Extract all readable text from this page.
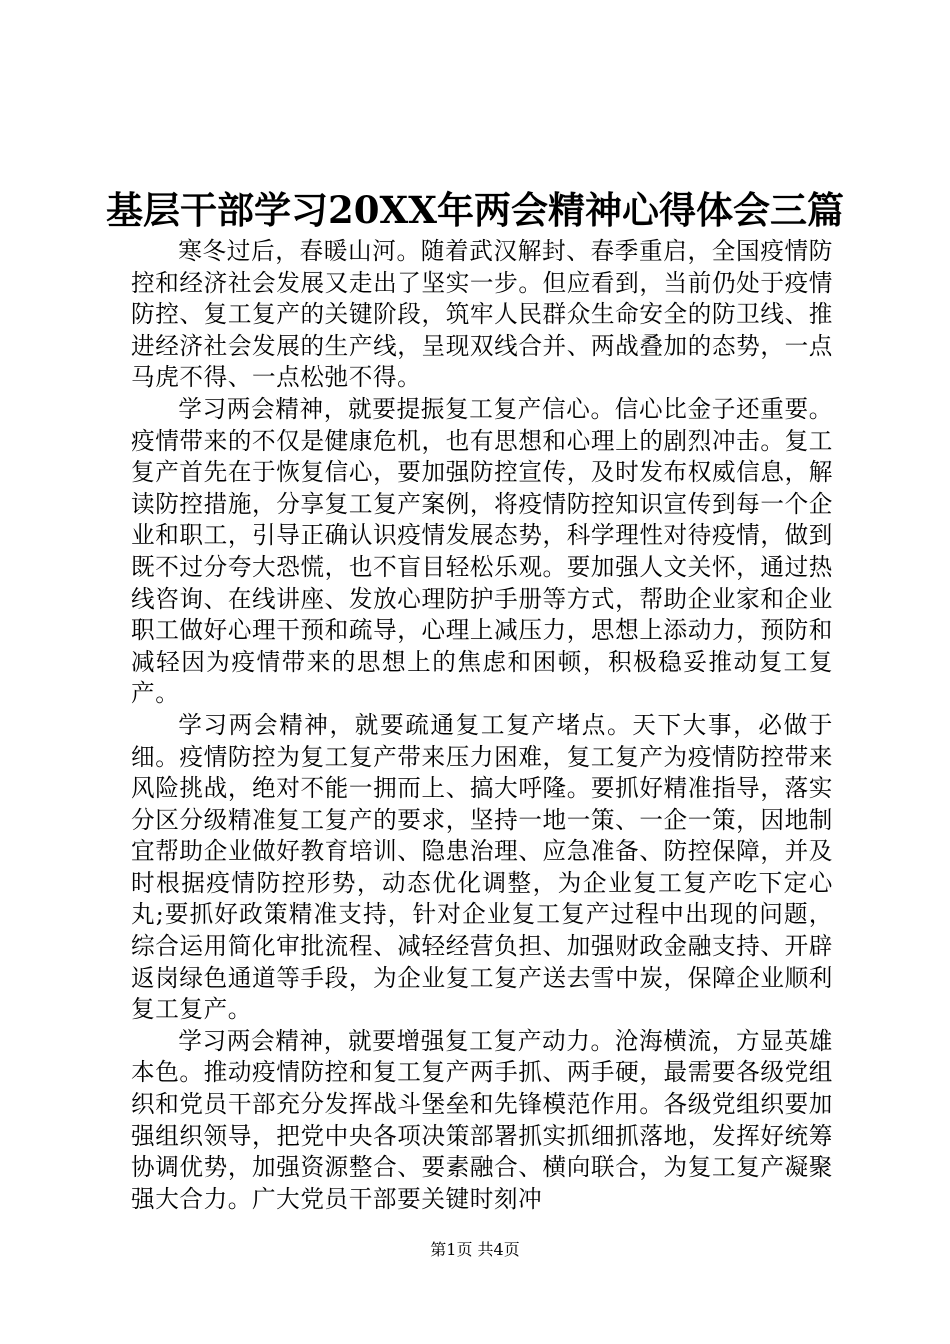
基层干部学习20XX年两会精神心得体会三篇

寒冬过后，春暖山河。随着武汉解封、春季重启，全国疫情防控和经济社会发展又走出了坚实一步。但应看到，当前仍处于疫情防控、复工复产的关键阶段，筑牢人民群众生命安全的防卫线、推进经济社会发展的生产线，呈现双线合并、两战叠加的态势，一点马虎不得、一点松弛不得。

学习两会精神，就要提振复工复产信心。信心比金子还重要。疫情带来的不仅是健康危机，也有思想和心理上的剧烈冲击。复工复产首先在于恢复信心，要加强防控宣传，及时发布权威信息，解读防控措施，分享复工复产案例，将疫情防控知识宣传到每一个企业和职工，引导正确认识疫情发展态势，科学理性对待疫情，做到既不过分夸大恐慌，也不盲目轻松乐观。要加强人文关怀，通过热线咨询、在线讲座、发放心理防护手册等方式，帮助企业家和企业职工做好心理干预和疏导，心理上减压力，思想上添动力，预防和减轻因为疫情带来的思想上的焦虑和困顿，积极稳妥推动复工复产。

学习两会精神，就要疏通复工复产堵点。天下大事，必做于细。疫情防控为复工复产带来压力困难，复工复产为疫情防控带来风险挑战，绝对不能一拥而上、搞大呼隆。要抓好精准指导，落实分区分级精准复工复产的要求，坚持一地一策、一企一策，因地制宜帮助企业做好教育培训、隐患治理、应急准备、防控保障，并及时根据疫情防控形势，动态优化调整，为企业复工复产吃下定心丸;要抓好政策精准支持，针对企业复工复产过程中出现的问题，综合运用简化审批流程、减轻经营负担、加强财政金融支持、开辟返岗绿色通道等手段，为企业复工复产送去雪中炭，保障企业顺利复工复产。

学习两会精神，就要增强复工复产动力。沧海横流，方显英雄本色。推动疫情防控和复工复产两手抓、两手硬，最需要各级党组织和党员干部充分发挥战斗堡垒和先锋模范作用。各级党组织要加强组织领导，把党中央各项决策部署抓实抓细抓落地，发挥好统筹协调优势，加强资源整合、要素融合、横向联合，为复工复产凝聚强大合力。广大党员干部要关键时刻冲

第1页 共4页
